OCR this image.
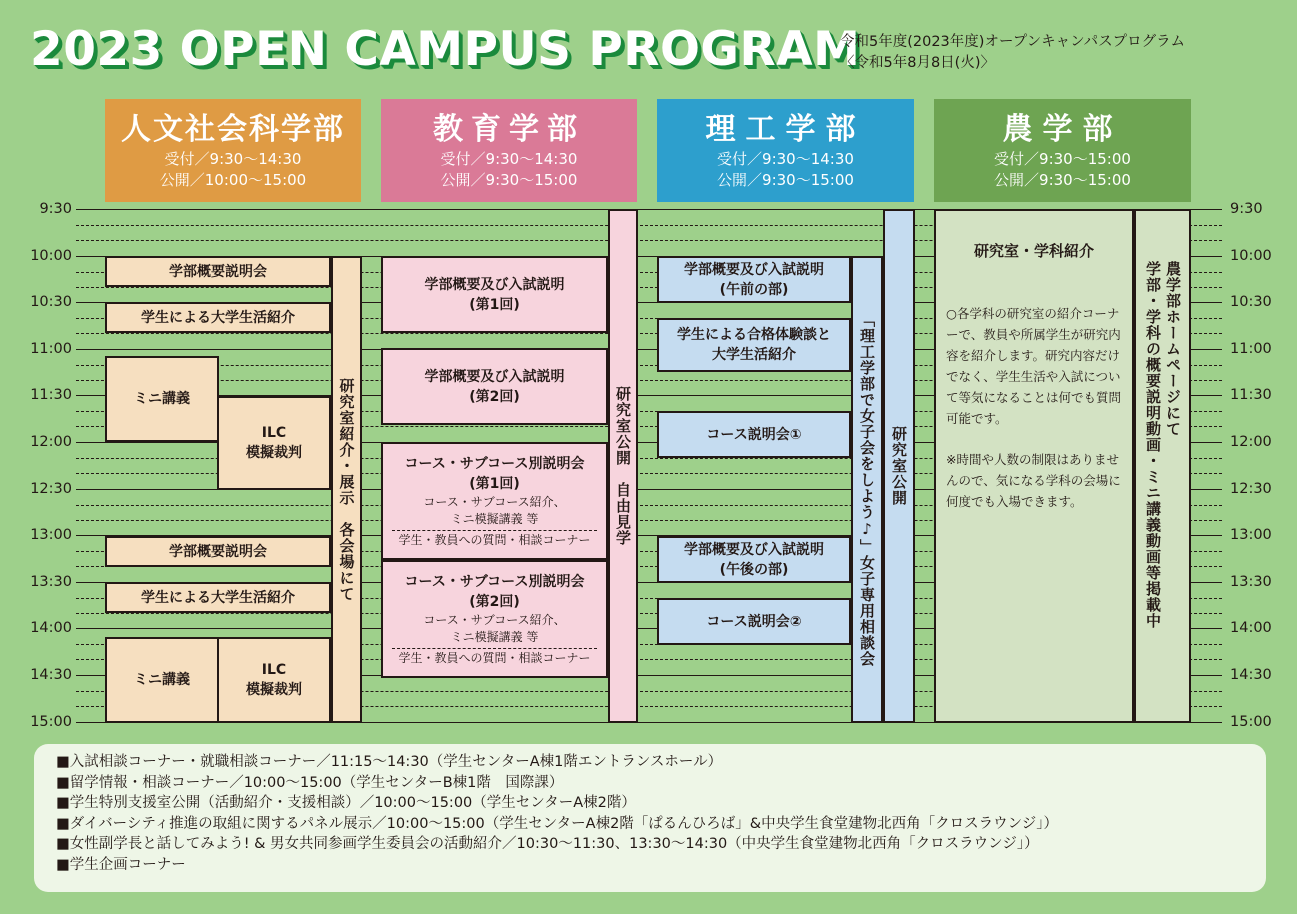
2023 OPEN CAMPUS PROGRAM
令和5年度(2023年度)オープンキャンパスプログラム
〈令和5年8月8日(火)〉
人文社会科学部
受付／9:30〜14:30
公開／10:00〜15:00
教育学部
受付／9:30〜14:30
公開／9:30〜15:00
理工学部
受付／9:30〜14:30
公開／9:30〜15:00
農学部
受付／9:30〜15:00
公開／9:30〜15:00
9:30	9:30
10:00	10:00
10:30	10:30
11:00	11:00
11:30	11:30
12:00	12:00
12:30	12:30
13:00	13:00
13:30	13:30
14:00	14:00
14:30	14:30
15:00	15:00
学部概要説明会
学生による大学生活紹介
ミニ講義
ILC
模擬裁判
学部概要説明会
学生による大学生活紹介
ミニ講義
ILC
模擬裁判
研究室紹介・展示　各会場にて
学部概要及び入試説明
(第1回)
学部概要及び入試説明
(第2回)
コース・サブコース別説明会
(第1回)
コース・サブコース紹介、
ミニ模擬講義 等
学生・教員への質問・相談コーナー
コース・サブコース別説明会
(第2回)
コース・サブコース紹介、
ミニ模擬講義 等
学生・教員への質問・相談コーナー
研究室公開　自由見学
学部概要及び入試説明
(午前の部)
学生による合格体験談と
大学生活紹介
コース説明会①
学部概要及び入試説明
(午後の部)
コース説明会②	「理工学部で女子会をしよう♪」女子専用相談会 研究室公開
研究室・学科紹介
○各学科の研究室の紹介コーナーで、教員や所属学生が研究内容を紹介します。研究内容だけでなく、学生生活や入試について等気になることは何でも質問可能です。
※時間や人数の制限はありませんので、気になる学科の会場に何度でも入場できます。
農学部ホームページにて
学部・学科の概要説明動画・ミニ講義動画等掲載中
■入試相談コーナー・就職相談コーナー／11:15〜14:30（学生センターA棟1階エントランスホール）
■留学情報・相談コーナー／10:00〜15:00（学生センターB棟1階　国際課）
■学生特別支援室公開（活動紹介・支援相談）／10:00〜15:00（学生センターA棟2階）
■ダイバーシティ推進の取組に関するパネル展示／10:00〜15:00（学生センターA棟2階「ぱるんひろば」&中央学生食堂建物北西角「クロスラウンジ」）
■女性副学長と話してみよう! & 男女共同参画学生委員会の活動紹介／10:30〜11:30、13:30〜14:30（中央学生食堂建物北西角「クロスラウンジ」）
■学生企画コーナー
